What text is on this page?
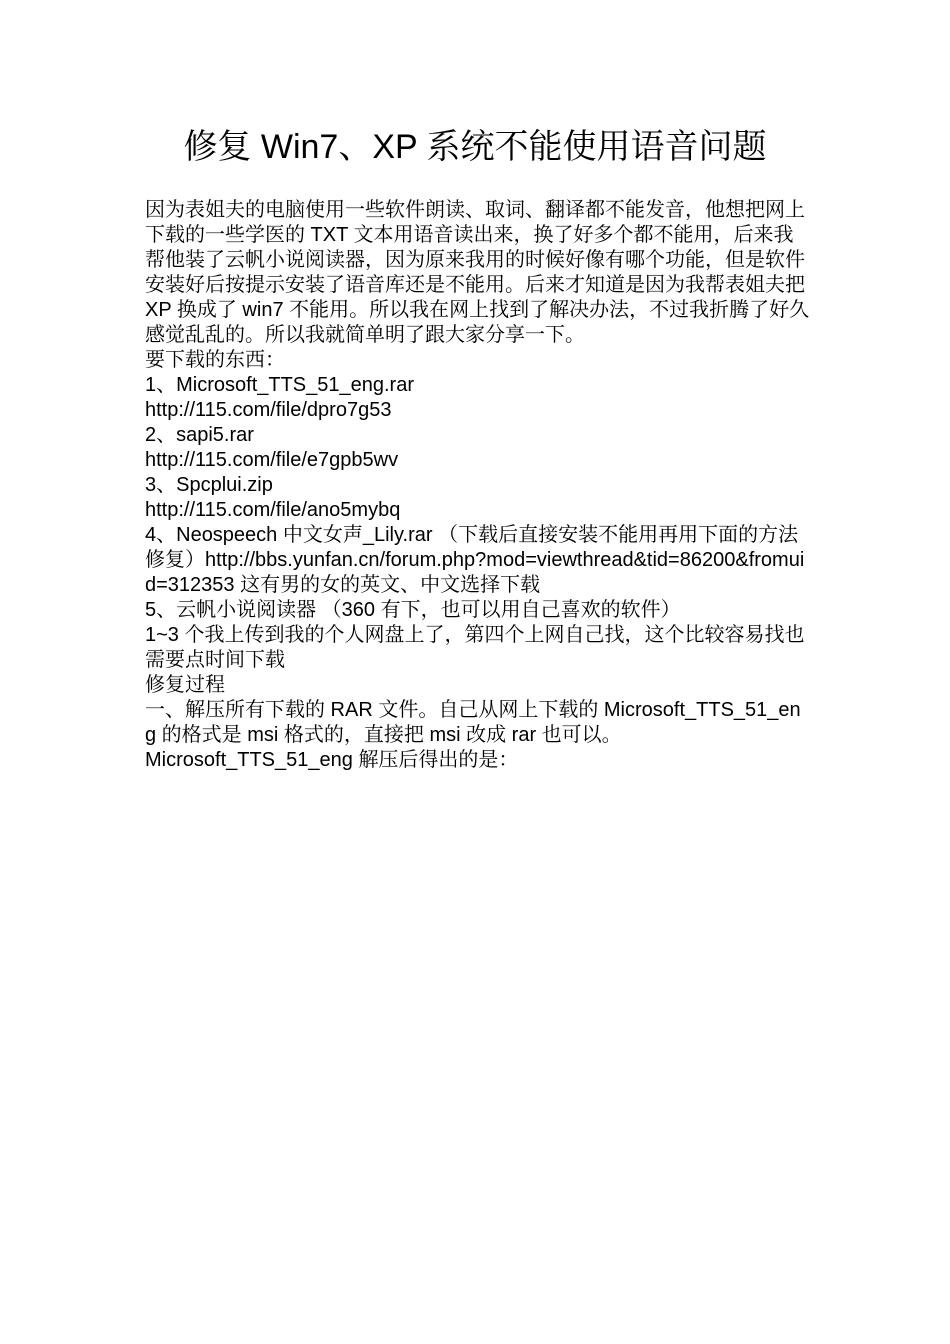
修复 Win7、XP 系统不能使用语音问题

因为表姐夫的电脑使用一些软件朗读、取词、翻译都不能发音，他想把网上下载的一些学医的 TXT 文本用语音读出来，换了好多个都不能用，后来我帮他装了云帆小说阅读器，因为原来我用的时候好像有哪个功能，但是软件安装好后按提示安装了语音库还是不能用。后来才知道是因为我帮表姐夫把 XP 换成了 win7 不能用。所以我在网上找到了解决办法，不过我折腾了好久感觉乱乱的。所以我就简单明了跟大家分享一下。

要下载的东西：

1、Microsoft_TTS_51_eng.rar

http://115.com/file/dpro7g53

2、sapi5.rar

http://115.com/file/e7gpb5wv

3、Spcplui.zip

http://115.com/file/ano5mybq

4、Neospeech 中文女声_Lily.rar （下载后直接安装不能用再用下面的方法修复）http://bbs.yunfan.cn/forum.php?mod=viewthread&tid=86200&fromuid=312353 这有男的女的英文、中文选择下载

5、云帆小说阅读器 （360 有下，也可以用自己喜欢的软件）

1~3 个我上传到我的个人网盘上了，第四个上网自己找，这个比较容易找也需要点时间下载

修复过程

一、解压所有下载的 RAR 文件。自己从网上下载的 Microsoft_TTS_51_eng 的格式是 msi 格式的，直接把 msi 改成 rar 也可以。

Microsoft_TTS_51_eng 解压后得出的是：
